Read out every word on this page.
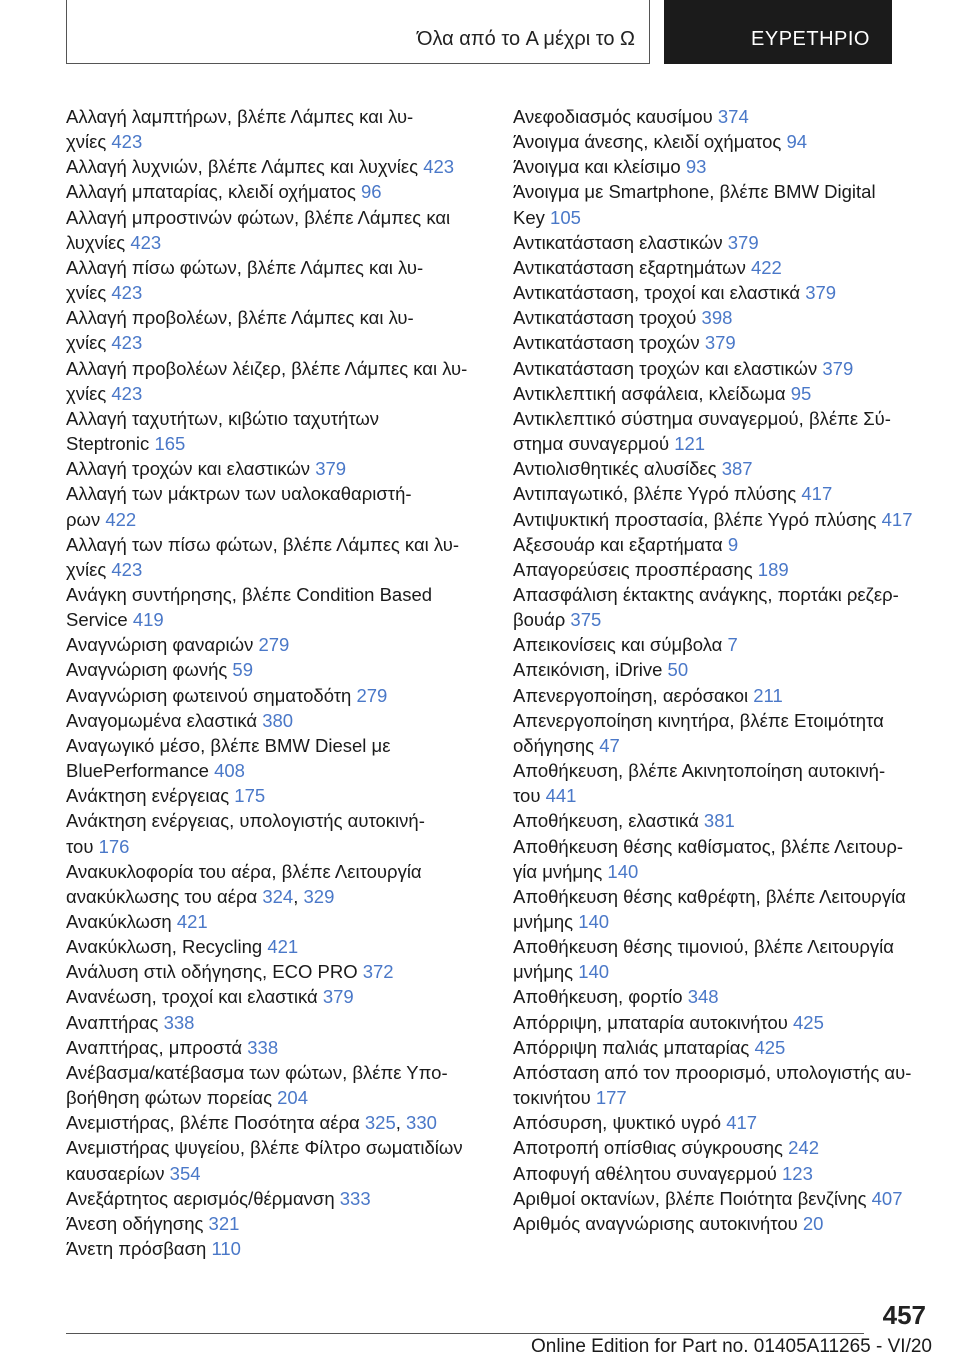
Όλα από το A μέχρι το Ω	ΕΥΡΕΤΗΡΙΟ

Αλλαγή λαμπτήρων, βλέπε Λάμπες και λυ‐
χνίες 423

Αλλαγή λυχνιών, βλέπε Λάμπες και λυχνίες 423

Αλλαγή μπαταρίας, κλειδί οχήματος 96

Αλλαγή μπροστινών φώτων, βλέπε Λάμπες και
λυχνίες 423

Αλλαγή πίσω φώτων, βλέπε Λάμπες και λυ‐
χνίες 423

Αλλαγή προβολέων, βλέπε Λάμπες και λυ‐
χνίες 423

Αλλαγή προβολέων λέιζερ, βλέπε Λάμπες και λυ‐
χνίες 423

Αλλαγή ταχυτήτων, κιβώτιο ταχυτήτων
Steptronic 165

Αλλαγή τροχών και ελαστικών 379

Αλλαγή των μάκτρων των υαλοκαθαριστή‐
ρων 422

Αλλαγή των πίσω φώτων, βλέπε Λάμπες και λυ‐
χνίες 423

Ανάγκη συντήρησης, βλέπε Condition Based
Service 419

Αναγνώριση φαναριών 279

Αναγνώριση φωνής 59

Αναγνώριση φωτεινού σηματοδότη 279

Αναγομωμένα ελαστικά 380

Αναγωγικό μέσο, βλέπε BMW Diesel με
BluePerformance 408

Ανάκτηση ενέργειας 175

Ανάκτηση ενέργειας, υπολογιστής αυτοκινή‐
του 176

Ανακυκλοφορία του αέρα, βλέπε Λειτουργία
ανακύκλωσης του αέρα 324, 329

Ανακύκλωση 421

Ανακύκλωση, Recycling 421

Ανάλυση στιλ οδήγησης, ECO PRO 372

Ανανέωση, τροχοί και ελαστικά 379

Αναπτήρας 338

Αναπτήρας, μπροστά 338

Ανέβασμα/κατέβασμα των φώτων, βλέπε Υπο‐
βοήθηση φώτων πορείας 204

Ανεμιστήρας, βλέπε Ποσότητα αέρα 325, 330

Ανεμιστήρας ψυγείου, βλέπε Φίλτρο σωματιδίων
καυσαερίων 354

Ανεξάρτητος αερισμός/θέρμανση 333

Άνεση οδήγησης 321

Άνετη πρόσβαση 110

Ανεφοδιασμός καυσίμου 374

Άνοιγμα άνεσης, κλειδί οχήματος 94

Άνοιγμα και κλείσιμο 93

Άνοιγμα με Smartphone, βλέπε BMW Digital
Key 105

Αντικατάσταση ελαστικών 379

Αντικατάσταση εξαρτημάτων 422

Αντικατάσταση, τροχοί και ελαστικά 379

Αντικατάσταση τροχού 398

Αντικατάσταση τροχών 379

Αντικατάσταση τροχών και ελαστικών 379

Αντικλεπτική ασφάλεια, κλείδωμα 95

Αντικλεπτικό σύστημα συναγερμού, βλέπε Σύ‐
στημα συναγερμού 121

Αντιολισθητικές αλυσίδες 387

Αντιπαγωτικό, βλέπε Υγρό πλύσης 417

Αντιψυκτική προστασία, βλέπε Υγρό πλύσης 417

Αξεσουάρ και εξαρτήματα 9

Απαγορεύσεις προσπέρασης 189

Απασφάλιση έκτακτης ανάγκης, πορτάκι ρεζερ‐
βουάρ 375

Απεικονίσεις και σύμβολα 7

Απεικόνιση, iDrive 50

Απενεργοποίηση, αερόσακοι 211

Απενεργοποίηση κινητήρα, βλέπε Ετοιμότητα
οδήγησης 47

Αποθήκευση, βλέπε Ακινητοποίηση αυτοκινή‐
του 441

Αποθήκευση, ελαστικά 381

Αποθήκευση θέσης καθίσματος, βλέπε Λειτουρ‐
γία μνήμης 140

Αποθήκευση θέσης καθρέφτη, βλέπε Λειτουργία
μνήμης 140

Αποθήκευση θέσης τιμονιού, βλέπε Λειτουργία
μνήμης 140

Αποθήκευση, φορτίο 348

Απόρριψη, μπαταρία αυτοκινήτου 425

Απόρριψη παλιάς μπαταρίας 425

Απόσταση από τον προορισμό, υπολογιστής αυ‐
τοκινήτου 177

Απόσυρση, ψυκτικό υγρό 417

Αποτροπή οπίσθιας σύγκρουσης 242

Αποφυγή αθέλητου συναγερμού 123

Αριθμοί οκτανίων, βλέπε Ποιότητα βενζίνης 407

Αριθμός αναγνώρισης αυτοκινήτου 20

457
Online Edition for Part no. 01405A11265 - VI/20
